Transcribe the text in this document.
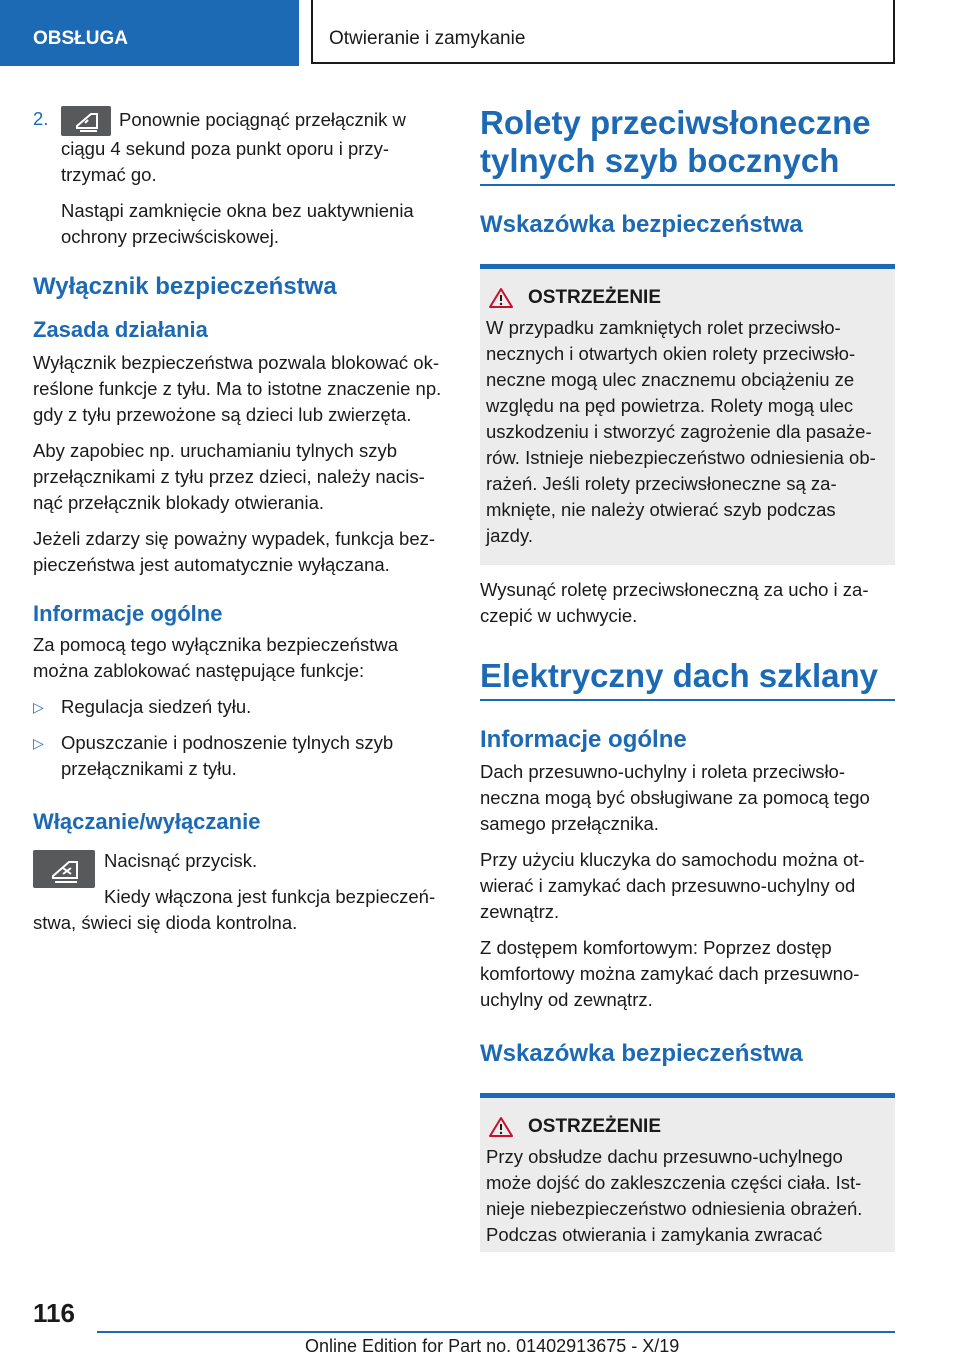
OBSŁUGA	Otwieranie i zamykanie
2.	Ponownie pociągnąć przełącznik w ciągu 4 sekund poza punkt oporu i przy- trzymać go.

Nastąpi zamknięcie okna bez uaktywnienia ochrony przeciwściskowej.

Wyłącznik bezpieczeństwa
Zasada działania

Wyłącznik bezpieczeństwa pozwala blokować ok- reślone funkcje z tyłu. Ma to istotne znaczenie np. gdy z tyłu przewożone są dzieci lub zwierzęta.

Aby zapobiec np. uruchamianiu tylnych szyb przełącznikami z tyłu przez dzieci, należy nacis- nąć przełącznik blokady otwierania.

Jeżeli zdarzy się poważny wypadek, funkcja bez- pieczeństwa jest automatycznie wyłączana.

Informacje ogólne

Za pomocą tego wyłącznika bezpieczeństwa można zablokować następujące funkcje:

▷ Regulacja siedzeń tyłu.

▷ Opuszczanie i podnoszenie tylnych szyb przełącznikami z tyłu.

Włączanie/wyłączanie

Nacisnąć przycisk.

Kiedy włączona jest funkcja bezpieczeń- stwa, świeci się dioda kontrolna.

Rolety przeciwsłoneczne tylnych szyb bocznych
Wskazówka bezpieczeństwa
OSTRZEŻENIE

W przypadku zamkniętych rolet przeciwsło- necznych i otwartych okien rolety przeciwsło- neczne mogą ulec znacznemu obciążeniu ze względu na pęd powietrza. Rolety mogą ulec uszkodzeniu i stworzyć zagrożenie dla pasaże- rów. Istnieje niebezpieczeństwo odniesienia ob- rażeń. Jeśli rolety przeciwsłoneczne są za- mknięte, nie należy otwierać szyb podczas jazdy.

Wysunąć roletę przeciwsłoneczną za ucho i za- czepić w uchwycie.

Elektryczny dach szklany
Informacje ogólne

Dach przesuwno-uchylny i roleta przeciwsło- neczna mogą być obsługiwane za pomocą tego samego przełącznika.

Przy użyciu kluczyka do samochodu można ot- wierać i zamykać dach przesuwno-uchylny od zewnątrz.

Z dostępem komfortowym: Poprzez dostęp komfortowy można zamykać dach przesuwno- uchylny od zewnątrz.

Wskazówka bezpieczeństwa
OSTRZEŻENIE

Przy obsłudze dachu przesuwno-uchylnego może dojść do zakleszczenia części ciała. Ist- nieje niebezpieczeństwo odniesienia obrażeń. Podczas otwierania i zamykania zwracać

116
Online Edition for Part no. 01402913675 - X/19
